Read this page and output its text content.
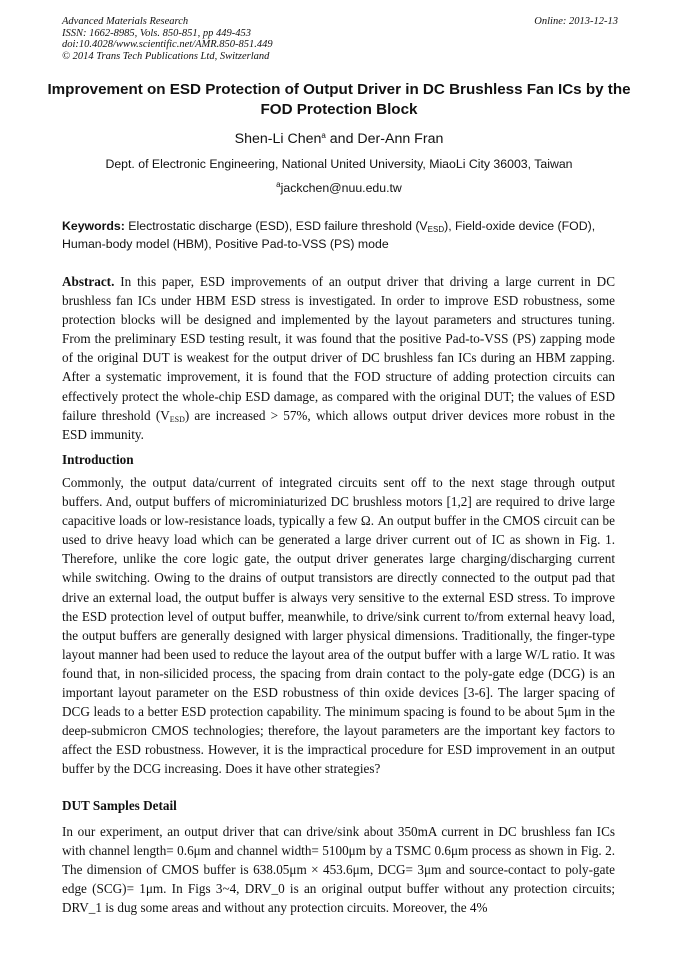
Advanced Materials Research
ISSN: 1662-8985, Vols. 850-851, pp 449-453
doi:10.4028/www.scientific.net/AMR.850-851.449
© 2014 Trans Tech Publications Ltd, Switzerland
Online: 2013-12-13
Improvement on ESD Protection of Output Driver in DC Brushless Fan ICs by the FOD Protection Block
Shen-Li Chen$^a$ and Der-Ann Fran
Dept. of Electronic Engineering, National United University, MiaoLi City 36003, Taiwan
$^a$jackchen@nuu.edu.tw
Keywords: Electrostatic discharge (ESD), ESD failure threshold $(V_{ESD})$, Field-oxide device (FOD), Human-body model (HBM), Positive Pad-to-VSS (PS) mode
Abstract. In this paper, ESD improvements of an output driver that driving a large current in DC brushless fan ICs under HBM ESD stress is investigated. In order to improve ESD robustness, some protection blocks will be designed and implemented by the layout parameters and structures tuning. From the preliminary ESD testing result, it was found that the positive Pad-to-VSS (PS) zapping mode of the original DUT is weakest for the output driver of DC brushless fan ICs during an HBM zapping. After a systematic improvement, it is found that the FOD structure of adding protection circuits can effectively protect the whole-chip ESD damage, as compared with the original DUT; the values of ESD failure threshold $(V_{ESD})$ are increased > 57%, which allows output driver devices more robust in the ESD immunity.
Introduction
Commonly, the output data/current of integrated circuits sent off to the next stage through output buffers. And, output buffers of microminiaturized DC brushless motors [1,2] are required to drive large capacitive loads or low-resistance loads, typically a few Ω. An output buffer in the CMOS circuit can be used to drive heavy load which can be generated a large driver current out of IC as shown in Fig. 1. Therefore, unlike the core logic gate, the output driver generates large charging/discharging current while switching. Owing to the drains of output transistors are directly connected to the output pad that drive an external load, the output buffer is always very sensitive to the external ESD stress. To improve the ESD protection level of output buffer, meanwhile, to drive/sink current to/from external heavy load, the output buffers are generally designed with larger physical dimensions. Traditionally, the finger-type layout manner had been used to reduce the layout area of the output buffer with a large W/L ratio. It was found that, in non-silicided process, the spacing from drain contact to the poly-gate edge (DCG) is an important layout parameter on the ESD robustness of thin oxide devices [3-6]. The larger spacing of DCG leads to a better ESD protection capability. The minimum spacing is found to be about 5μm in the deep-submicron CMOS technologies; therefore, the layout parameters are the important key factors to affect the ESD robustness. However, it is the impractical procedure for ESD improvement in an output buffer by the DCG increasing. Does it have other strategies?
DUT Samples Detail
In our experiment, an output driver that can drive/sink about 350mA current in DC brushless fan ICs with channel length= 0.6μm and channel width= 5100μm by a TSMC 0.6μm process as shown in Fig. 2. The dimension of CMOS buffer is 638.05μm × 453.6μm, DCG= 3μm and source-contact to poly-gate edge (SCG)= 1μm. In Figs 3~4, DRV_0 is an original output buffer without any protection circuits; DRV_1 is dug some areas and without any protection circuits. Moreover, the 4%
